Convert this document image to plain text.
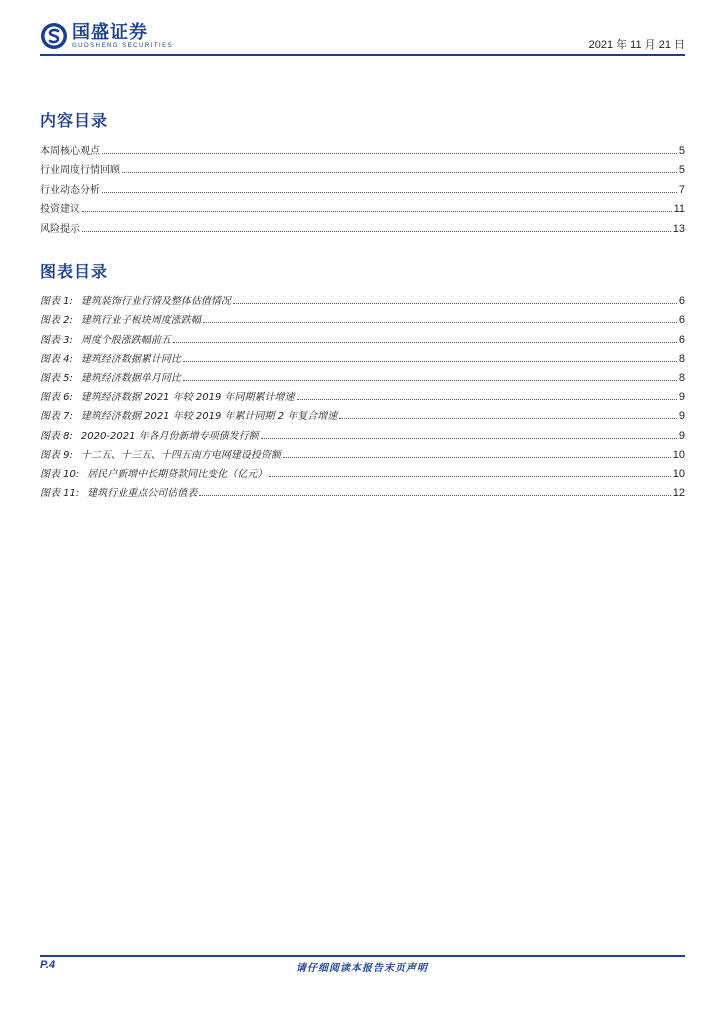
国盛证券
GUOSHENG SECURITIES	2021 年 11 月 21 日
内容目录
本周核心观点	5
行业周度行情回顾	5
行业动态分析	7
投资建议	11
风险提示	13
图表目录
图表 1: 建筑装饰行业行情及整体估值情况	6
图表 2: 建筑行业子板块周度涨跌幅	6
图表 3: 周度个股涨跌幅前五	6
图表 4: 建筑经济数据累计同比	8
图表 5: 建筑经济数据单月同比	8
图表 6: 建筑经济数据 2021 年较 2019 年同期累计增速	9
图表 7: 建筑经济数据 2021 年较 2019 年累计同期 2 年复合增速	9
图表 8: 2020-2021 年各月份新增专项债发行额	9
图表 9: 十二五、十三五、十四五南方电网建设投资额	10
图表 10: 居民户新增中长期贷款同比变化（亿元）	10
图表 11: 建筑行业重点公司估值表	12
P.4	请仔细阅读本报告末页声明
